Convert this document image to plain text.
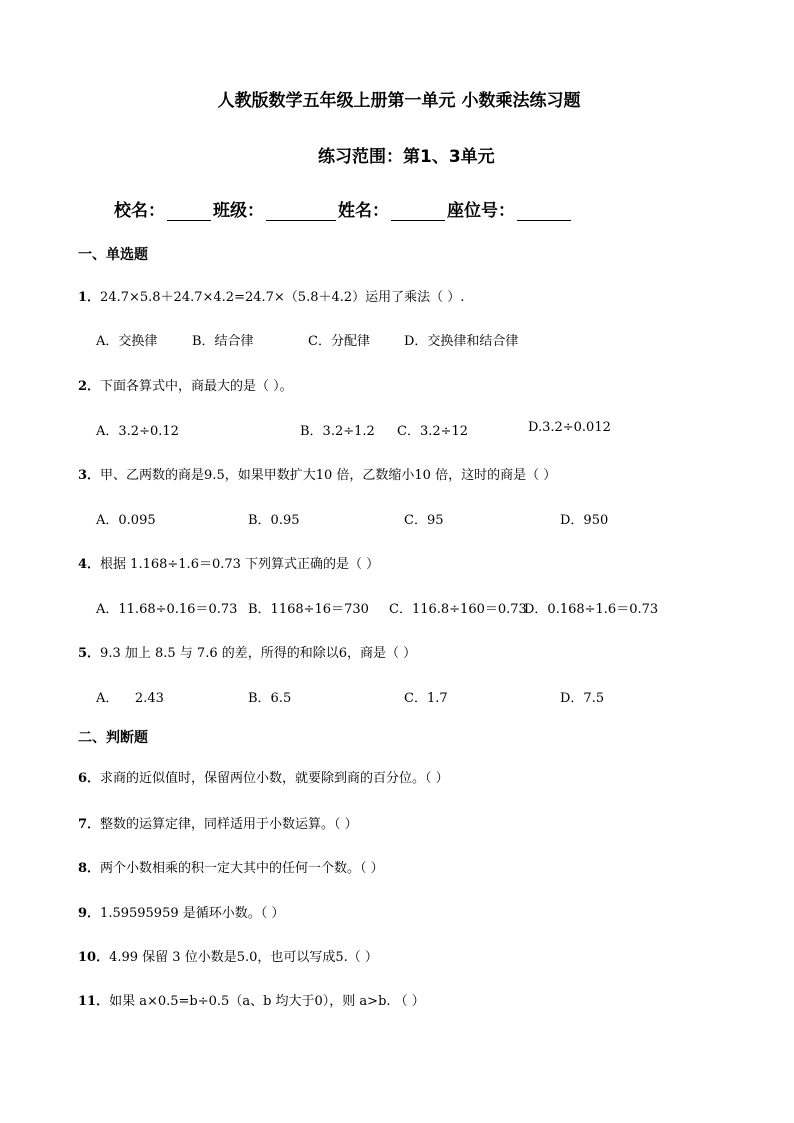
人教版数学五年级上册第一单元 小数乘法练习题
练习范围：第1、3单元
校名：	班级：	姓名：	座位号：
一、单选题
1．24.7×5.8＋24.7×4.2=24.7×（5.8＋4.2）运用了乘法（ ）.
A．交换律	B．结合律	C．分配律	D．交换律和结合律
2．下面各算式中，商最大的是（ ）。
A．3.2÷0.12	B．3.2÷1.2 C．3.2÷12	D.3.2÷0.012
3．甲、乙两数的商是9.5，如果甲数扩大10 倍，乙数缩小10 倍，这时的商是（ ）
A．0.095	B．0.95	C．95	D．950
4．根据 1.168÷1.6＝0.73 下列算式正确的是（ ）
A．11.68÷0.16＝0.73 B．1168÷16＝730 C．116.8÷160＝0.73
D．0.168÷1.6＝0.73
5．9.3 加上 8.5 与 7.6 的差，所得的和除以6，商是（ ）
A．    2.43	B．6.5	C．1.7	D．7.5
二、判断题
6．求商的近似值时，保留两位小数，就要除到商的百分位。（ ）
7．整数的运算定律，同样适用于小数运算。（ ）
8．两个小数相乘的积一定大其中的任何一个数。（ ）
9．1.59595959 是循环小数。（ ）
10．4.99 保留 3 位小数是5.0，也可以写成5.（ ）
11．如果 a×0.5=b÷0.5（a、b 均大于0），则 a>b. （ ）
